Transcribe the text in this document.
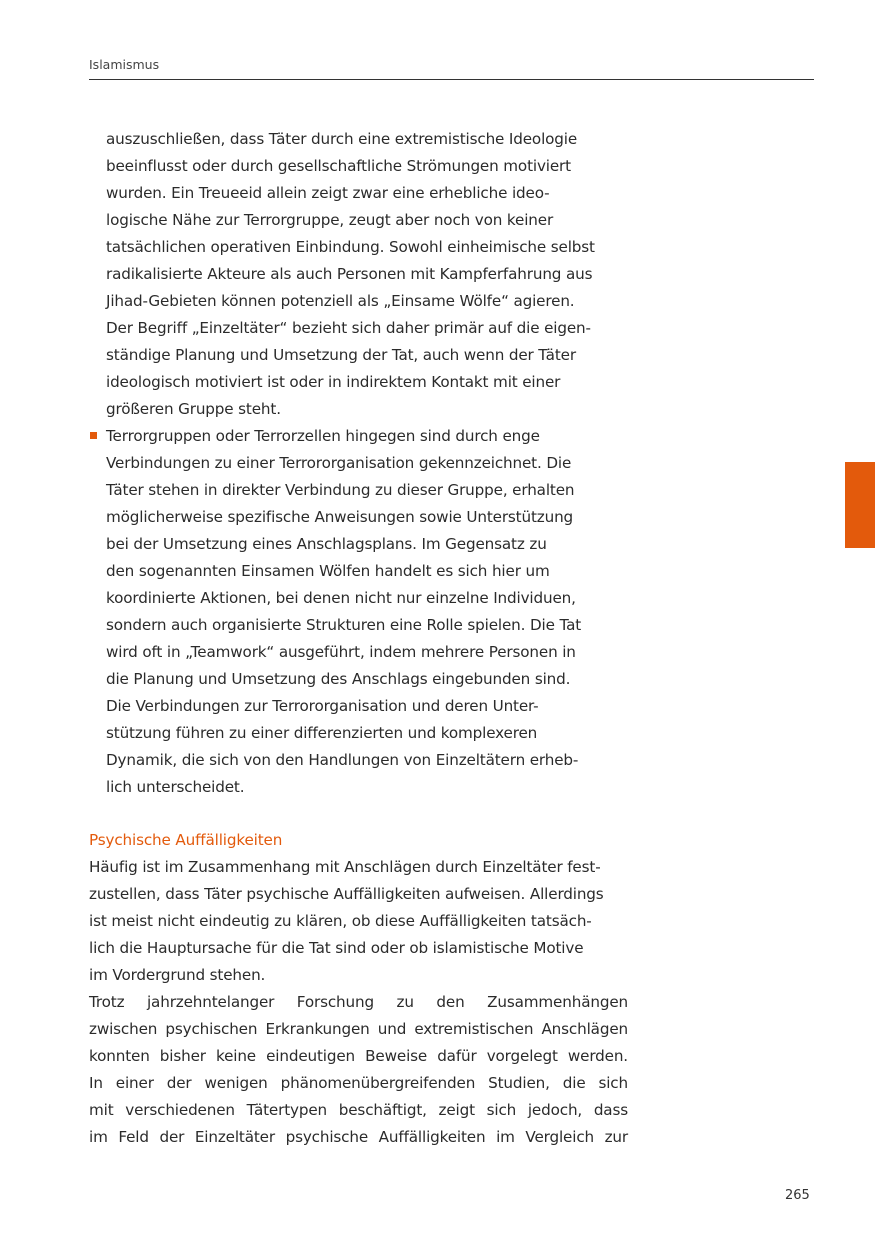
Islamismus
auszuschließen, dass Täter durch eine extremistische Ideologie
beeinflusst oder durch gesellschaftliche Strömungen motiviert
wurden. Ein Treueeid allein zeigt zwar eine erhebliche ideo-
logische Nähe zur Terrorgruppe, zeugt aber noch von keiner
tatsächlichen operativen Einbindung. Sowohl einheimische selbst
radikalisierte Akteure als auch Personen mit Kampferfahrung aus
Jihad-Gebieten können potenziell als „Einsame Wölfe“ agieren.
Der Begriff „Einzeltäter“ bezieht sich daher primär auf die eigen-
ständige Planung und Umsetzung der Tat, auch wenn der Täter
ideologisch motiviert ist oder in indirektem Kontakt mit einer
größeren Gruppe steht.
Terrorgruppen oder Terrorzellen hingegen sind durch enge
Verbindungen zu einer Terrororganisation gekennzeichnet. Die
Täter stehen in direkter Verbindung zu dieser Gruppe, erhalten
möglicherweise spezifische Anweisungen sowie Unterstützung
bei der Umsetzung eines Anschlagsplans. Im Gegensatz zu
den sogenannten Einsamen Wölfen handelt es sich hier um
koordinierte Aktionen, bei denen nicht nur einzelne Individuen,
sondern auch organisierte Strukturen eine Rolle spielen. Die Tat
wird oft in „Teamwork“ ausgeführt, indem mehrere Personen in
die Planung und Umsetzung des Anschlags eingebunden sind.
Die Verbindungen zur Terrororganisation und deren Unter-
stützung führen zu einer differenzierten und komplexeren
Dynamik, die sich von den Handlungen von Einzeltätern erheb-
lich unterscheidet.
Psychische Auffälligkeiten
Häufig ist im Zusammenhang mit Anschlägen durch Einzeltäter fest-
zustellen, dass Täter psychische Auffälligkeiten aufweisen. Allerdings
ist meist nicht eindeutig zu klären, ob diese Auffälligkeiten tatsäch-
lich die Hauptursache für die Tat sind oder ob islamistische Motive
im Vordergrund stehen.
Trotz jahrzehntelanger Forschung zu den Zusammenhängen
zwischen psychischen Erkrankungen und extremistischen Anschlägen
konnten bisher keine eindeutigen Beweise dafür vorgelegt werden.
In einer der wenigen phänomenübergreifenden Studien, die sich
mit verschiedenen Tätertypen beschäftigt, zeigt sich jedoch, dass
im Feld der Einzeltäter psychische Auffälligkeiten im Vergleich zur
265
